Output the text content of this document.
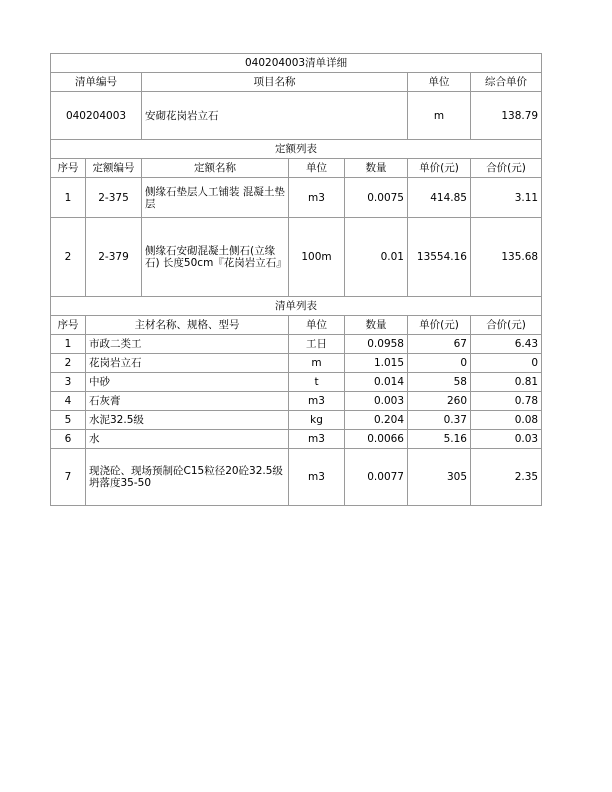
040204003清单详细						
清单编号		项目名称			单位	综合单价
040204003		安砌花岗岩立石			m	138.79
定额列表						
序号	定额编号	定额名称	单位	数量	单价(元)	合价(元)
1	2-375	侧缘石垫层人工铺装 混凝土垫层	m3	0.0075	414.85	3.11
2	2-379	侧缘石安砌混凝土侧石(立缘石) 长度50cm『花岗岩立石』	100m	0.01	13554.16	135.68
清单列表						
序号	主材名称、规格、型号		单位	数量	单价(元)	合价(元)
1	市政二类工		工日	0.0958	67	6.43
2	花岗岩立石		m	1.015	0	0
3	中砂		t	0.014	58	0.81
4	石灰膏		m3	0.003	260	0.78
5	水泥32.5级		kg	0.204	0.37	0.08
6	水		m3	0.0066	5.16	0.03
7	现浇砼、现场预制砼C15粒径20砼32.5级坍落度35-50		m3	0.0077	305	2.35
